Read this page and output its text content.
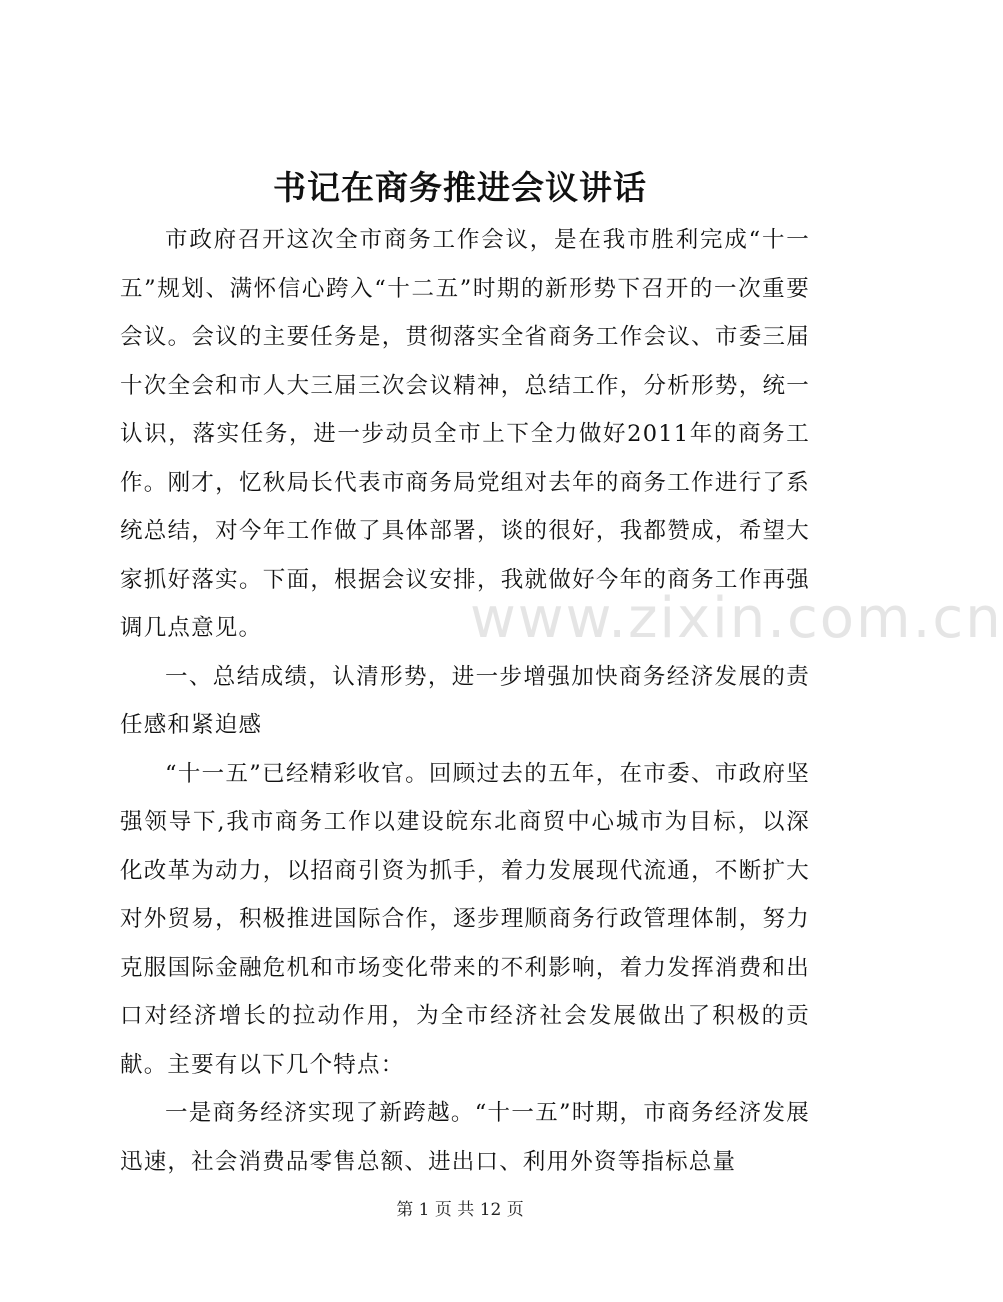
书记在商务推进会议讲话

市政府召开这次全市商务工作会议，是在我市胜利完成“十一五”规划、满怀信心跨入“十二五”时期的新形势下召开的一次重要会议。会议的主要任务是，贯彻落实全省商务工作会议、市委三届十次全会和市人大三届三次会议精神，总结工作，分析形势，统一认识，落实任务，进一步动员全市上下全力做好2011年的商务工作。刚才，忆秋局长代表市商务局党组对去年的商务工作进行了系统总结，对今年工作做了具体部署，谈的很好，我都赞成，希望大家抓好落实。下面，根据会议安排，我就做好今年的商务工作再强调几点意见。

一、总结成绩，认清形势，进一步增强加快商务经济发展的责任感和紧迫感

“十一五”已经精彩收官。回顾过去的五年，在市委、市政府坚强领导下,我市商务工作以建设皖东北商贸中心城市为目标，以深化改革为动力，以招商引资为抓手，着力发展现代流通，不断扩大对外贸易，积极推进国际合作，逐步理顺商务行政管理体制，努力克服国际金融危机和市场变化带来的不利影响，着力发挥消费和出口对经济增长的拉动作用，为全市经济社会发展做出了积极的贡献。主要有以下几个特点：

一是商务经济实现了新跨越。“十一五”时期，市商务经济发展迅速，社会消费品零售总额、进出口、利用外资等指标总量

www.zixin.com.cn
第 1 页 共 12 页
